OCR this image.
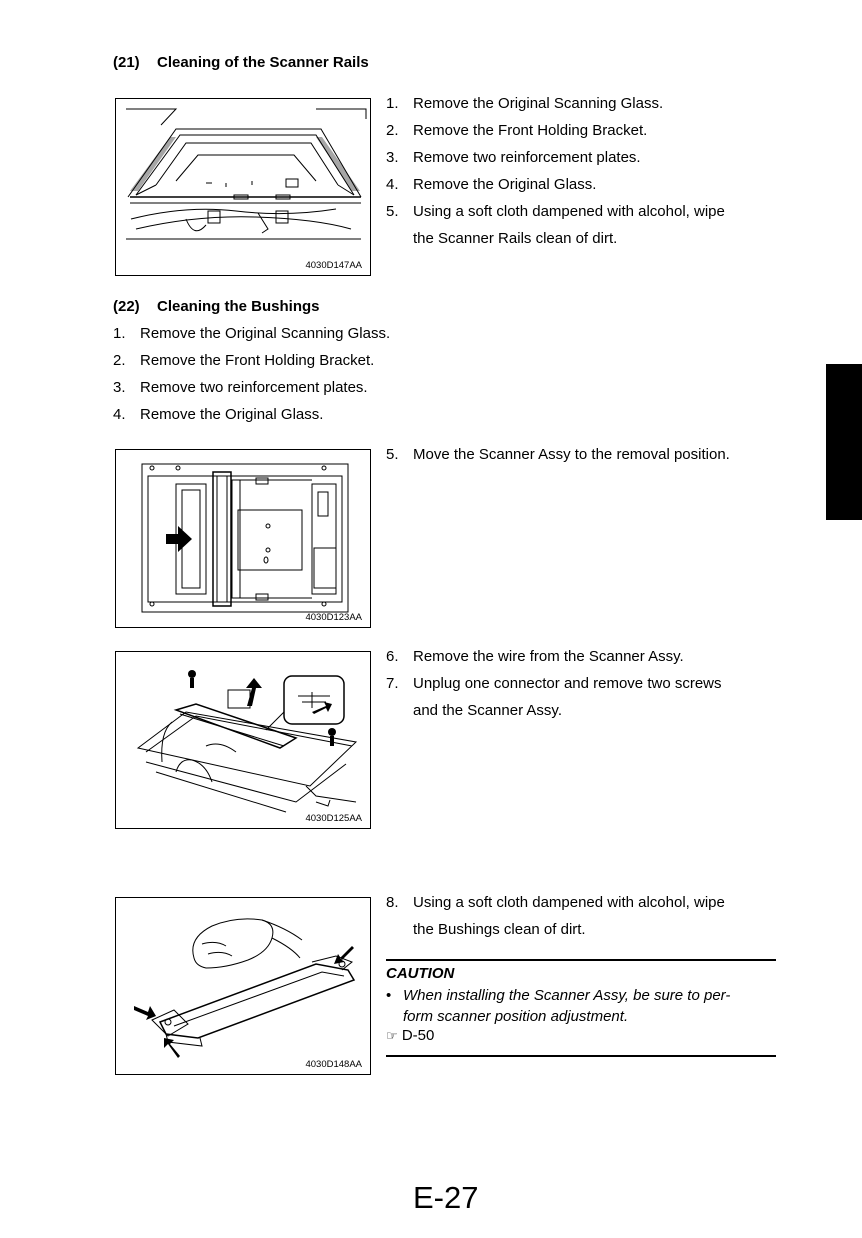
(21) Cleaning of the Scanner Rails
4030D147AA
1. Remove the Original Scanning Glass.
2. Remove the Front Holding Bracket.
3. Remove two reinforcement plates.
4. Remove the Original Glass.
5. Using a soft cloth dampened with alcohol, wipe
the Scanner Rails clean of dirt.
(22) Cleaning the Bushings
1. Remove the Original Scanning Glass.
2. Remove the Front Holding Bracket.
3. Remove two reinforcement plates.
4. Remove the Original Glass.
4030D123AA
5. Move the Scanner Assy to the removal position.
4030D125AA
6. Remove the wire from the Scanner Assy.
7. Unplug one connector and remove two screws
and the Scanner Assy.
4030D148AA
8. Using a soft cloth dampened with alcohol, wipe
the Bushings clean of dirt.
CAUTION
• When installing the Scanner Assy, be sure to per-
form scanner position adjustment.
☞ D-50
E-27
